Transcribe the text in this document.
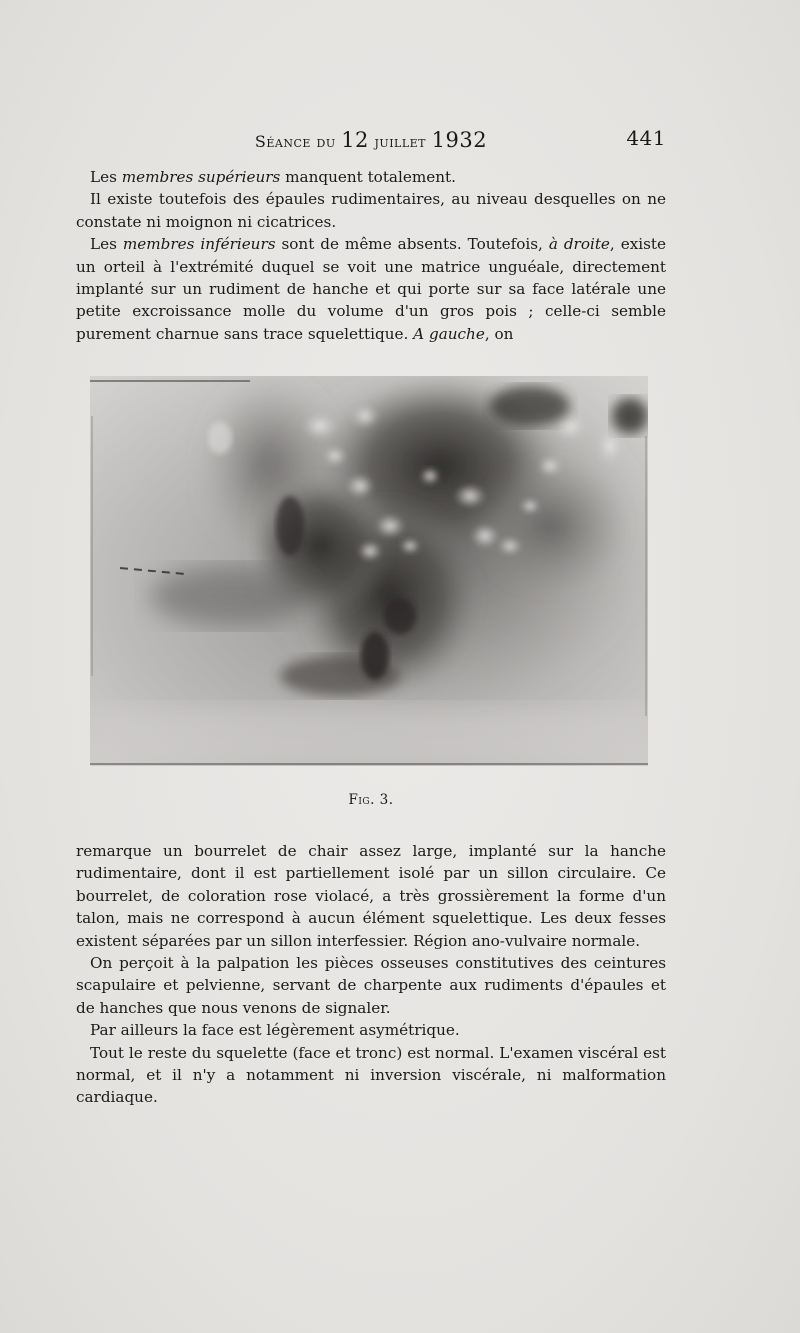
Séance du 12 juillet 1932	441

Les membres supérieurs manquent totalement.

Il existe toutefois des épaules rudimentaires, au niveau desquelles on ne constate ni moignon ni cicatrices.

Les membres inférieurs sont de même absents. Toutefois, à droite, existe un orteil à l'extrémité duquel se voit une matrice unguéale, directement implanté sur un rudiment de hanche et qui porte sur sa face latérale une petite excroissance molle du volume d'un gros pois ; celle-ci semble purement charnue sans trace squelettique. A gauche, on

Fig. 3.

remarque un bourrelet de chair assez large, implanté sur la hanche rudimentaire, dont il est partiellement isolé par un sillon circulaire. Ce bourrelet, de coloration rose violacé, a très grossièrement la forme d'un talon, mais ne correspond à aucun élément squelettique. Les deux fesses existent séparées par un sillon interfessier. Région ano-vulvaire normale.

On perçoit à la palpation les pièces osseuses constitutives des ceintures scapulaire et pelvienne, servant de charpente aux rudiments d'épaules et de hanches que nous venons de signaler.

Par ailleurs la face est légèrement asymétrique.

Tout le reste du squelette (face et tronc) est normal. L'examen viscéral est normal, et il n'y a notamment ni inversion viscérale, ni malformation cardiaque.
